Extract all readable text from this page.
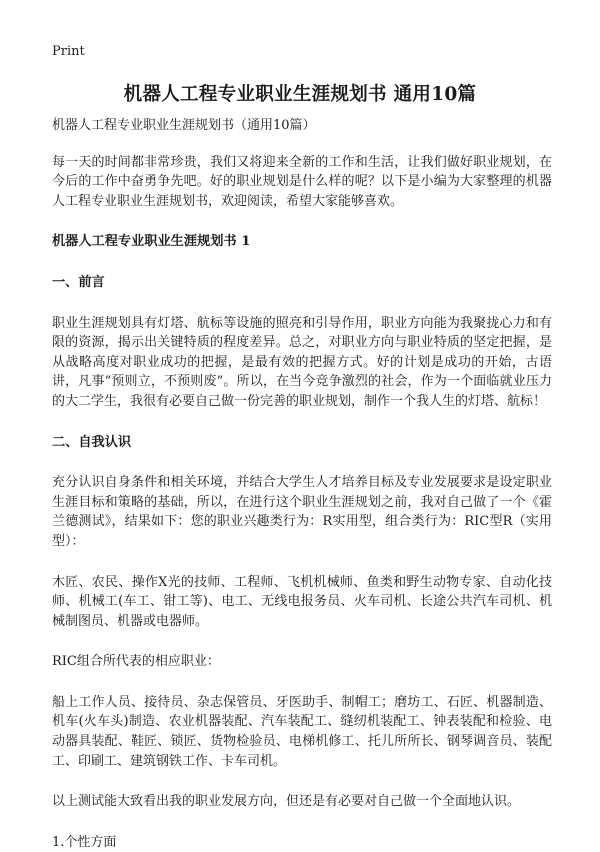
Print
机器人工程专业职业生涯规划书 通用10篇

机器人工程专业职业生涯规划书（通用10篇）

每一天的时间都非常珍贵，我们又将迎来全新的工作和生活，让我们做好职业规划，在今后的工作中奋勇争先吧。好的职业规划是什么样的呢？以下是小编为大家整理的机器人工程专业职业生涯规划书，欢迎阅读，希望大家能够喜欢。

机器人工程专业职业生涯规划书 1

一、前言

职业生涯规划具有灯塔、航标等设施的照亮和引导作用，职业方向能为我聚拢心力和有限的资源，揭示出关键特质的程度差异。总之，对职业方向与职业特质的坚定把握，是从战略高度对职业成功的把握，是最有效的把握方式。好的计划是成功的开始，古语讲，凡事“预则立，不预则废”。所以，在当今竞争激烈的社会，作为一个面临就业压力的大二学生，我很有必要自己做一份完善的职业规划，制作一个我人生的灯塔、航标！

二、自我认识

充分认识自身条件和相关环境，并结合大学生人才培养目标及专业发展要求是设定职业生涯目标和策略的基础，所以，在进行这个职业生涯规划之前，我对自己做了一个《霍兰德测试》，结果如下：您的职业兴趣类行为：R实用型，组合类行为：RIC型R（实用型）：

木匠、农民、操作X光的技师、工程师、飞机机械师、鱼类和野生动物专家、自动化技师、机械工(车工、钳工等)、电工、无线电报务员、火车司机、长途公共汽车司机、机械制图员、机器或电器师。

RIC组合所代表的相应职业：

船上工作人员、接待员、杂志保管员、牙医助手、制帽工；磨坊工、石匠、机器制造、机车(火车头)制造、农业机器装配、汽车装配工、缝纫机装配工、钟表装配和检验、电动器具装配、鞋匠、锁匠、货物检验员、电梯机修工、托儿所所长、钢琴调音员、装配工、印刷工、建筑钢铁工作、卡车司机。

以上测试能大致看出我的职业发展方向，但还是有必要对自己做一个全面地认识。

1.个性方面
